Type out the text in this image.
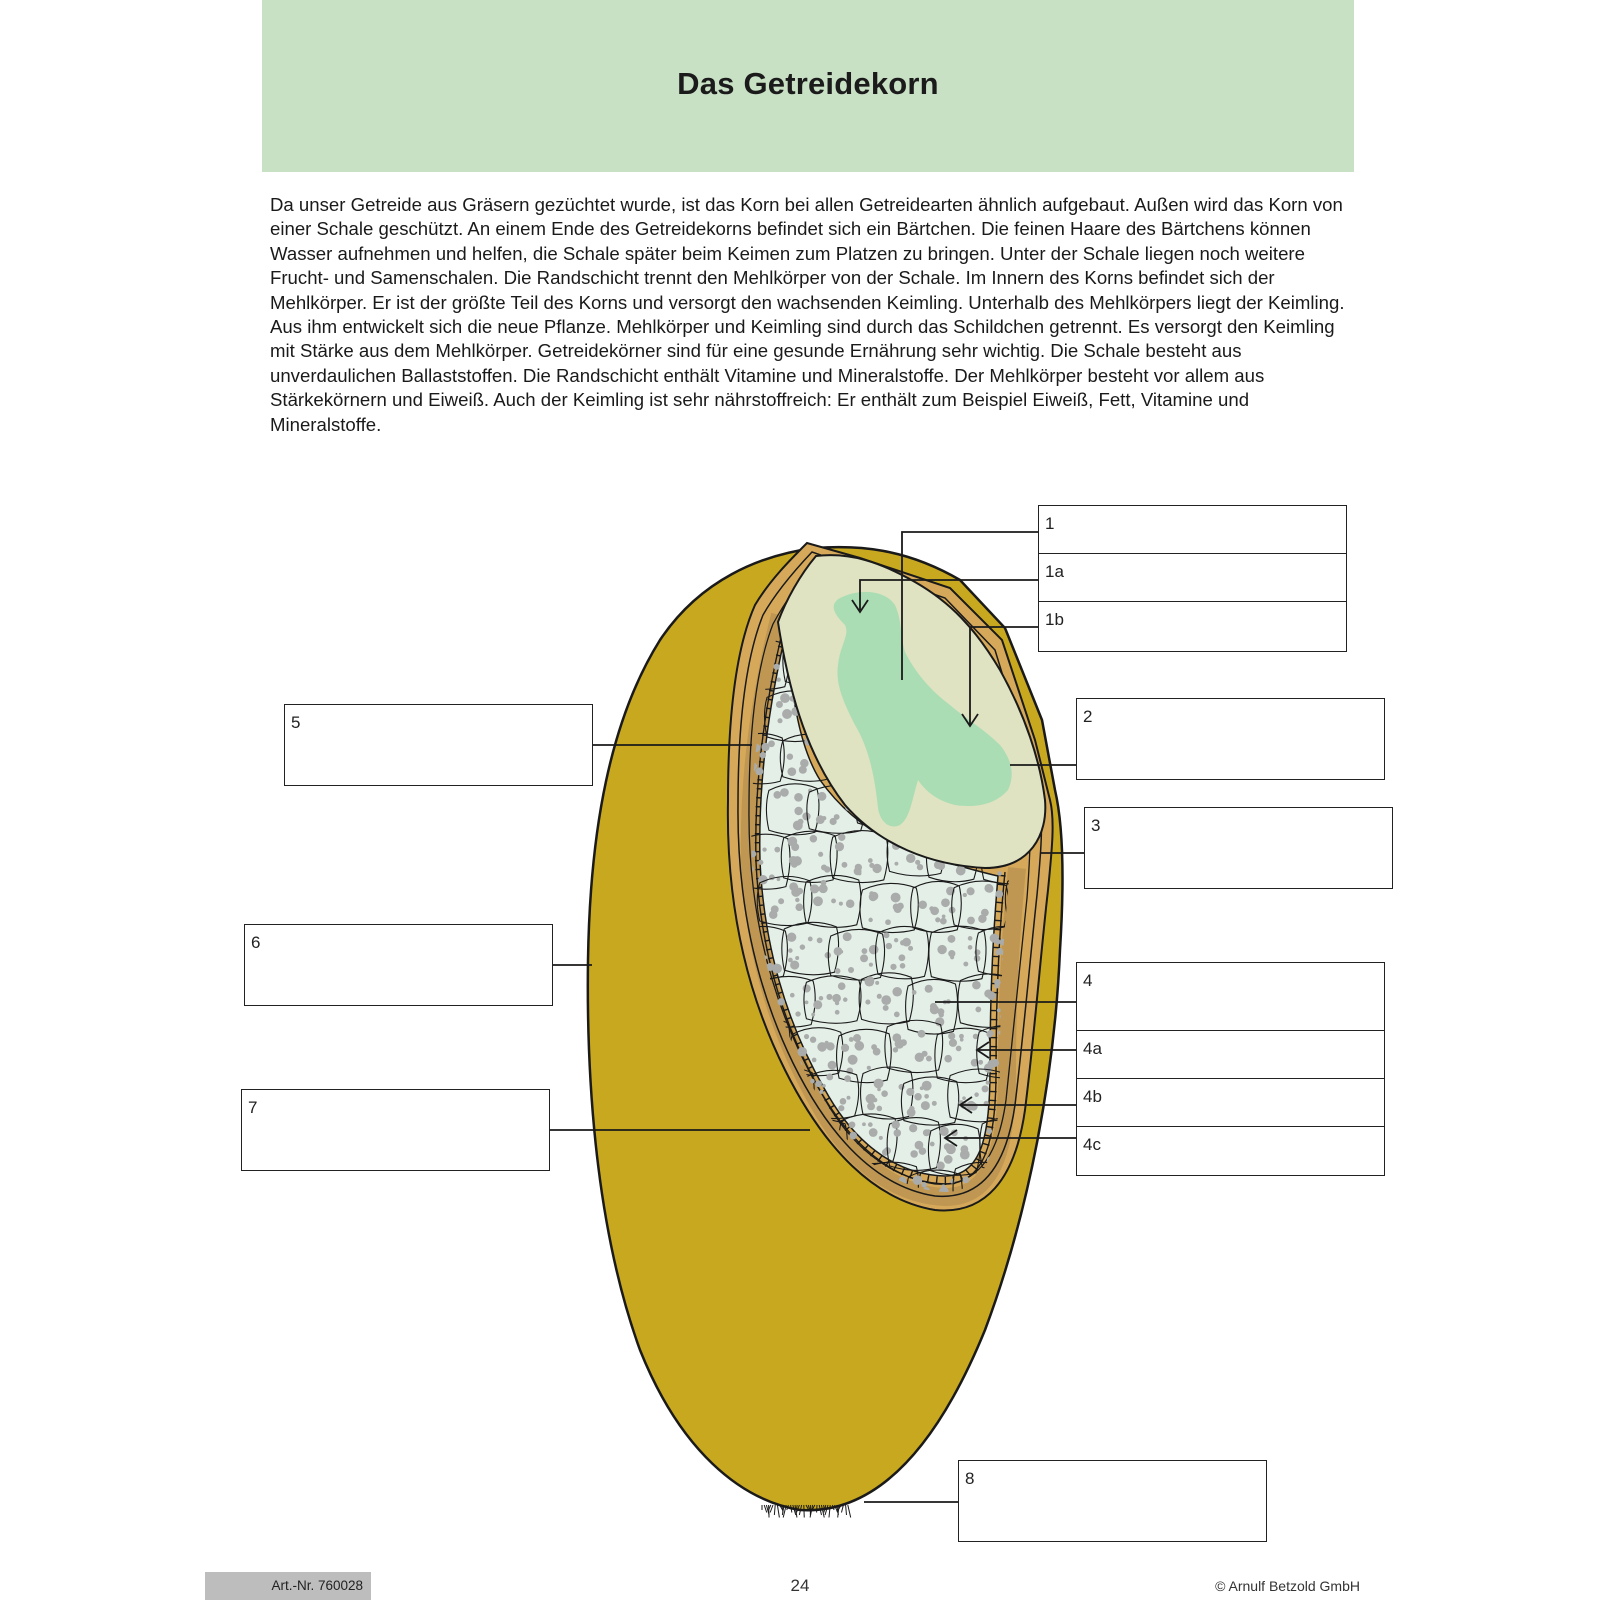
Das Getreidekorn

Da unser Getreide aus Gräsern gezüchtet wurde, ist das Korn bei allen Getreidearten ähnlich aufgebaut. Außen wird das Korn von einer Schale geschützt. An einem Ende des Getreidekorns befindet sich ein Bärtchen. Die feinen Haare des Bärtchens können Wasser aufnehmen und helfen, die Schale später beim Keimen zum Platzen zu bringen. Unter der Schale liegen noch weitere Frucht- und Samenschalen. Die Randschicht trennt den Mehlkörper von der Schale. Im Innern des Korns befindet sich der Mehlkörper. Er ist der größte Teil des Korns und versorgt den wachsenden Keimling. Unterhalb des Mehlkörpers liegt der Keimling. Aus ihm entwickelt sich die neue Pflanze. Mehlkörper und Keimling sind durch das Schildchen getrennt. Es versorgt den Keimling mit Stärke aus dem Mehlkörper. Getreidekörner sind für eine gesunde Ernährung sehr wichtig. Die Schale besteht aus unverdaulichen Ballaststoffen. Die Randschicht enthält Vitamine und Mineralstoffe. Der Mehlkörper besteht vor allem aus Stärkekörnern und Eiweiß. Auch der Keimling ist sehr nährstoffreich: Er enthält zum Beispiel Eiweiß, Fett, Vitamine und Mineralstoffe.

1
1a
1b
2
3
4
4a
4b
4c
5
6
7
8
Art.-Nr. 760028	24	© Arnulf Betzold GmbH
